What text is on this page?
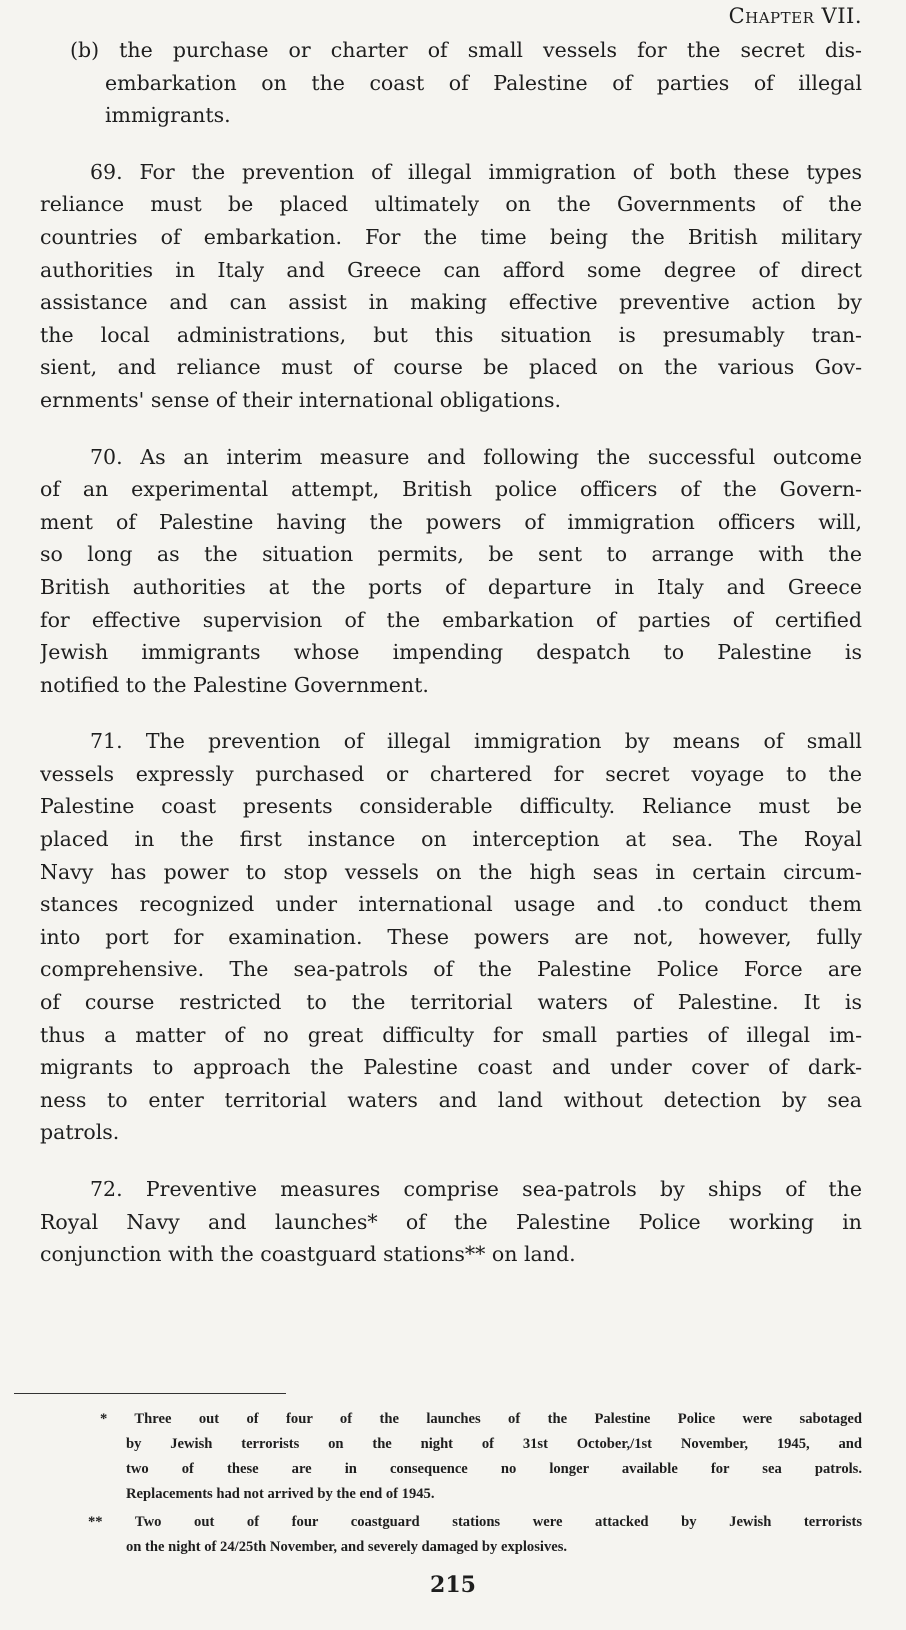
Chapter VII.
(b) the purchase or charter of small vessels for the secret dis-
embarkation on the coast of Palestine of parties of illegal
immigrants.
69. For the prevention of illegal immigration of both these types
reliance must be placed ultimately on the Governments of the
countries of embarkation. For the time being the British military
authorities in Italy and Greece can afford some degree of direct
assistance and can assist in making effective preventive action by
the local administrations, but this situation is presumably tran-
sient, and reliance must of course be placed on the various Gov-
ernments' sense of their international obligations.
70. As an interim measure and following the successful outcome
of an experimental attempt, British police officers of the Govern-
ment of Palestine having the powers of immigration officers will,
so long as the situation permits, be sent to arrange with the
British authorities at the ports of departure in Italy and Greece
for effective supervision of the embarkation of parties of certified
Jewish immigrants whose impending despatch to Palestine is
notified to the Palestine Government.
71. The prevention of illegal immigration by means of small
vessels expressly purchased or chartered for secret voyage to the
Palestine coast presents considerable difficulty. Reliance must be
placed in the first instance on interception at sea. The Royal
Navy has power to stop vessels on the high seas in certain circum-
stances recognized under international usage and .to conduct them
into port for examination. These powers are not, however, fully
comprehensive. The sea-patrols of the Palestine Police Force are
of course restricted to the territorial waters of Palestine. It is
thus a matter of no great difficulty for small parties of illegal im-
migrants to approach the Palestine coast and under cover of dark-
ness to enter territorial waters and land without detection by sea
patrols.
72. Preventive measures comprise sea-patrols by ships of the
Royal Navy and launches* of the Palestine Police working in
conjunction with the coastguard stations** on land.
* Three out of four of the launches of the Palestine Police were sabotaged
by Jewish terrorists on the night of 31st October,/1st November, 1945, and
two of these are in consequence no longer available for sea patrols.
Replacements had not arrived by the end of 1945.
** Two out of four coastguard stations were attacked by Jewish terrorists
on the night of 24/25th November, and severely damaged by explosives.
215
